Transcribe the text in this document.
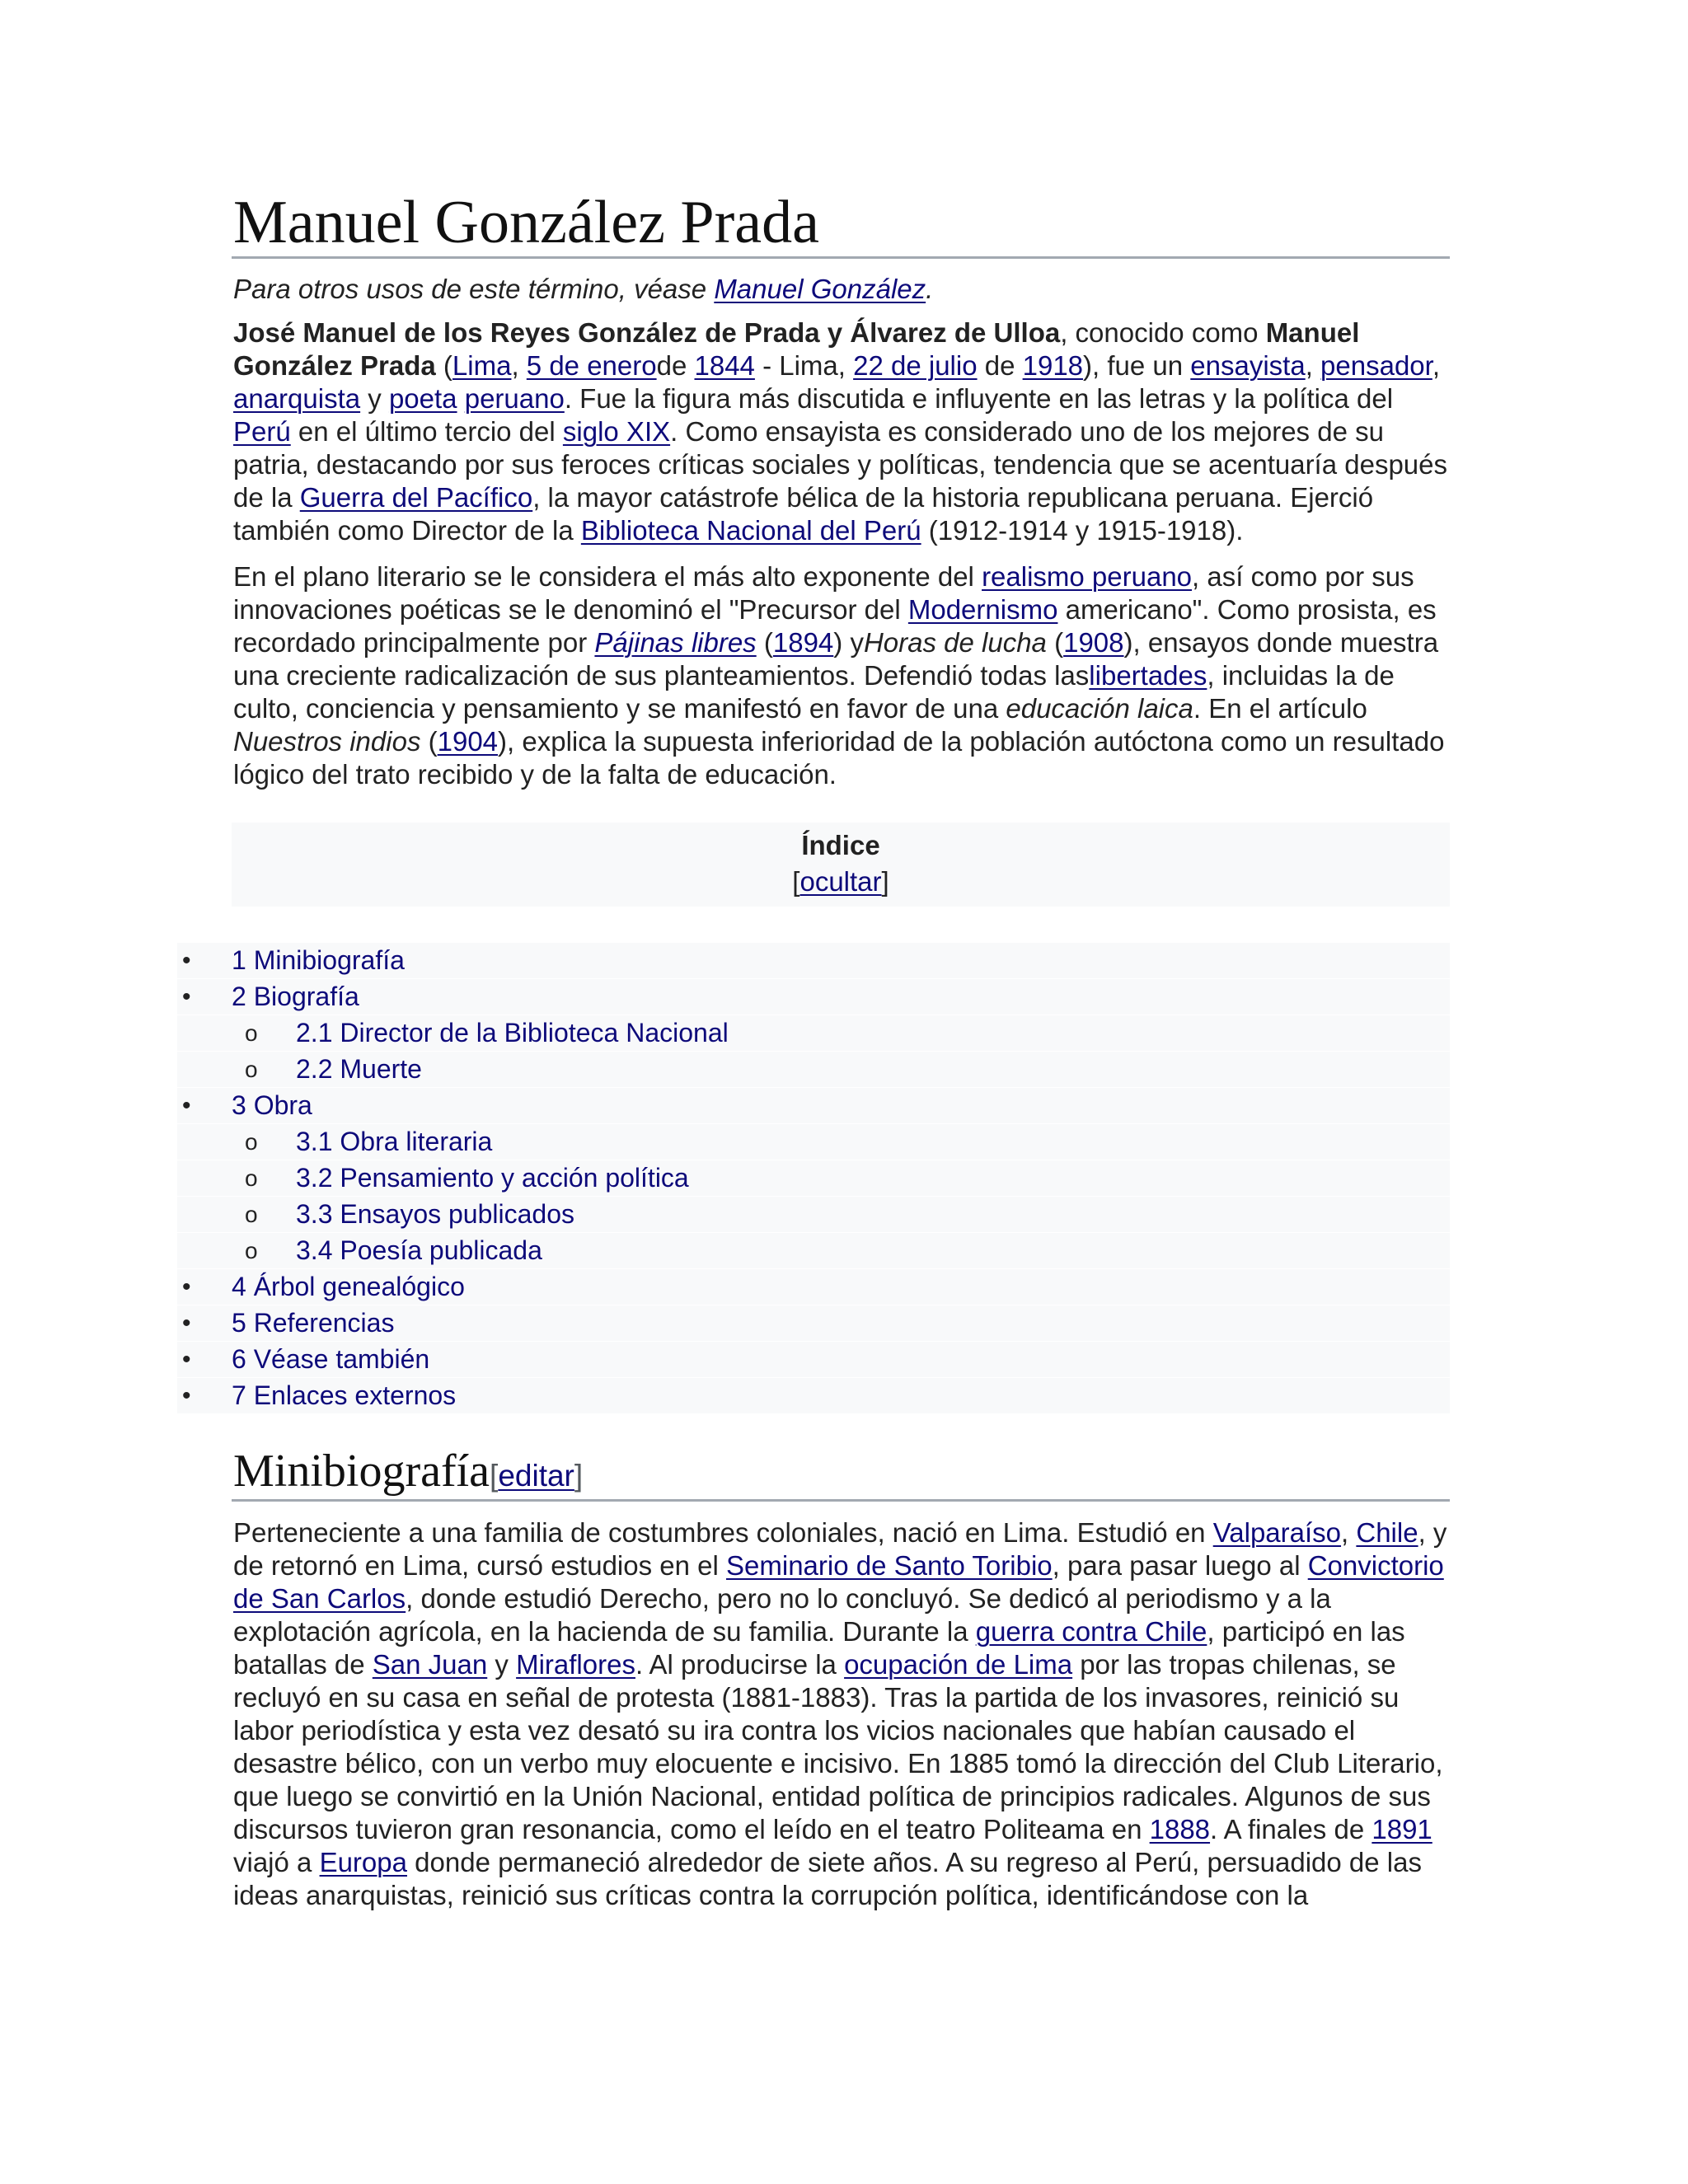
Manuel González Prada
Para otros usos de este término, véase Manuel González.

José Manuel de los Reyes González de Prada y Álvarez de Ulloa, conocido como Manuel González Prada (Lima, 5 de enerode 1844 - Lima, 22 de julio de 1918), fue un ensayista, pensador, anarquista y poeta peruano. Fue la figura más discutida e influyente en las letras y la política del Perú en el último tercio del siglo XIX. Como ensayista es considerado uno de los mejores de su patria, destacando por sus feroces críticas sociales y políticas, tendencia que se acentuaría después de la Guerra del Pacífico, la mayor catástrofe bélica de la historia republicana peruana. Ejerció también como Director de la Biblioteca Nacional del Perú (1912-1914 y 1915-1918).

En el plano literario se le considera el más alto exponente del realismo peruano, así como por sus innovaciones poéticas se le denominó el "Precursor del Modernismo americano". Como prosista, es recordado principalmente por Pájinas libres (1894) yHoras de lucha (1908), ensayos donde muestra una creciente radicalización de sus planteamientos. Defendió todas laslibertades, incluidas la de culto, conciencia y pensamiento y se manifestó en favor de una educación laica. En el artículo Nuestros indios (1904), explica la supuesta inferioridad de la población autóctona como un resultado lógico del trato recibido y de la falta de educación.

Índice
[ocultar]
• 1 Minibiografía
• 2 Biografía
o 2.1 Director de la Biblioteca Nacional
o 2.2 Muerte
• 3 Obra
o 3.1 Obra literaria
o 3.2 Pensamiento y acción política
o 3.3 Ensayos publicados
o 3.4 Poesía publicada
• 4 Árbol genealógico
• 5 Referencias
• 6 Véase también
• 7 Enlaces externos
Minibiografía[editar]

Perteneciente a una familia de costumbres coloniales, nació en Lima. Estudió en Valparaíso, Chile, y de retornó en Lima, cursó estudios en el Seminario de Santo Toribio, para pasar luego al Convictorio de San Carlos, donde estudió Derecho, pero no lo concluyó. Se dedicó al periodismo y a la explotación agrícola, en la hacienda de su familia. Durante la guerra contra Chile, participó en las batallas de San Juan y Miraflores. Al producirse la ocupación de Lima por las tropas chilenas, se recluyó en su casa en señal de protesta (1881-1883). Tras la partida de los invasores, reinició su labor periodística y esta vez desató su ira contra los vicios nacionales que habían causado el desastre bélico, con un verbo muy elocuente e incisivo. En 1885 tomó la dirección del Club Literario, que luego se convirtió en la Unión Nacional, entidad política de principios radicales. Algunos de sus discursos tuvieron gran resonancia, como el leído en el teatro Politeama en 1888. A finales de 1891 viajó a Europa donde permaneció alrededor de siete años. A su regreso al Perú, persuadido de las ideas anarquistas, reinició sus críticas contra la corrupción política, identificándose con la
